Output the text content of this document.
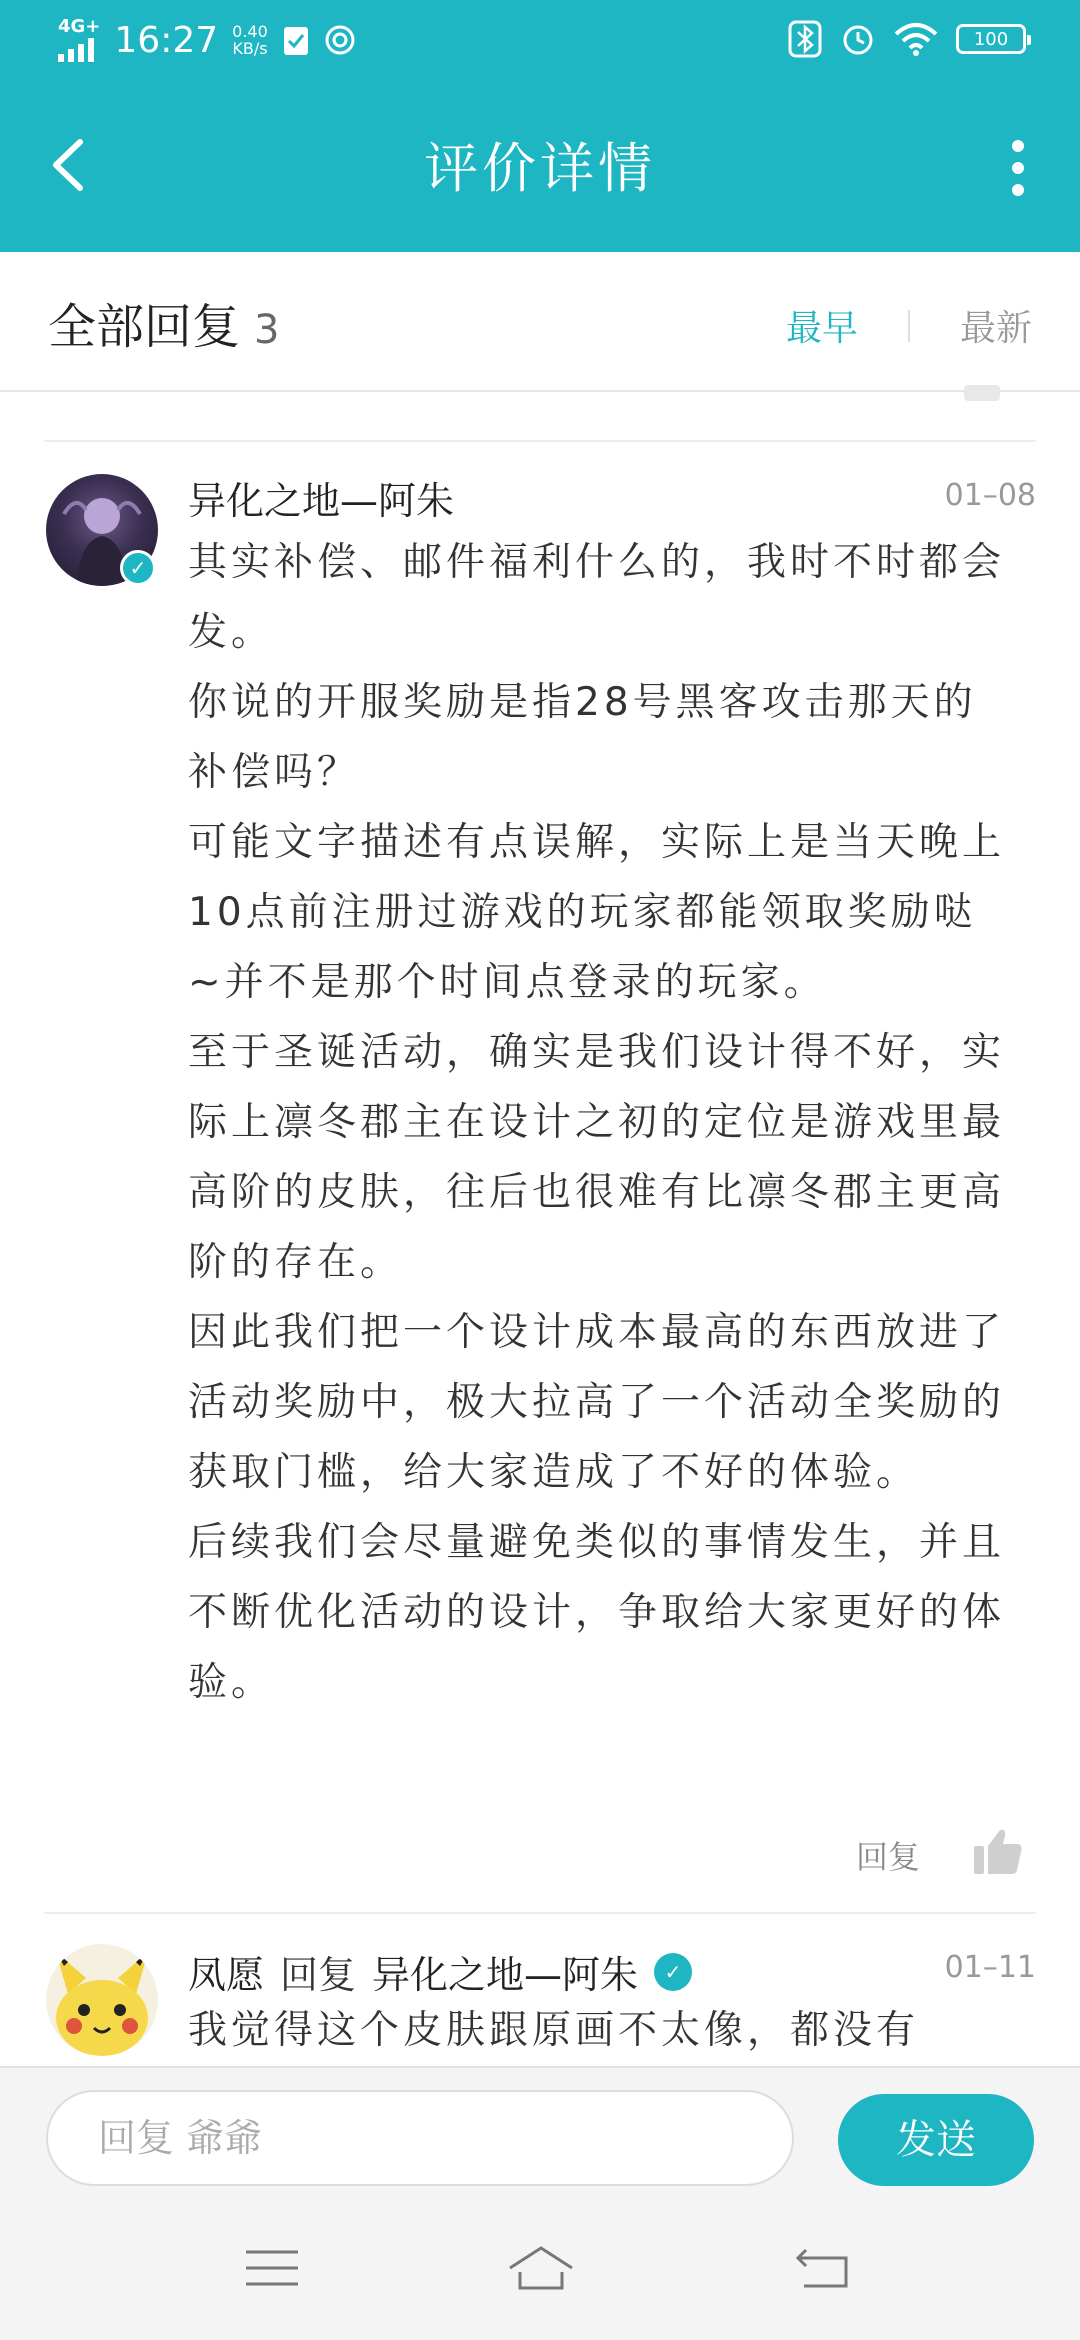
4G+ 16:27 0.40
KB/s	100
评价详情
全部回复 3	最早	最新
✓
异化之地—阿朱	01–08

其实补偿、邮件福利什么的，我时不时都会发。

你说的开服奖励是指28号黑客攻击那天的补偿吗？

可能文字描述有点误解，实际上是当天晚上10点前注册过游戏的玩家都能领取奖励哒~并不是那个时间点登录的玩家。

至于圣诞活动，确实是我们设计得不好，实际上凛冬郡主在设计之初的定位是游戏里最高阶的皮肤，往后也很难有比凛冬郡主更高阶的存在。

因此我们把一个设计成本最高的东西放进了活动奖励中，极大拉高了一个活动全奖励的获取门槛，给大家造成了不好的体验。

后续我们会尽量避免类似的事情发生，并且不断优化活动的设计，争取给大家更好的体验。

回复
凤愿 回复 异化之地—阿朱	✓	01–11

我觉得这个皮肤跟原画不太像，都没有

回复 爺爺	发送
